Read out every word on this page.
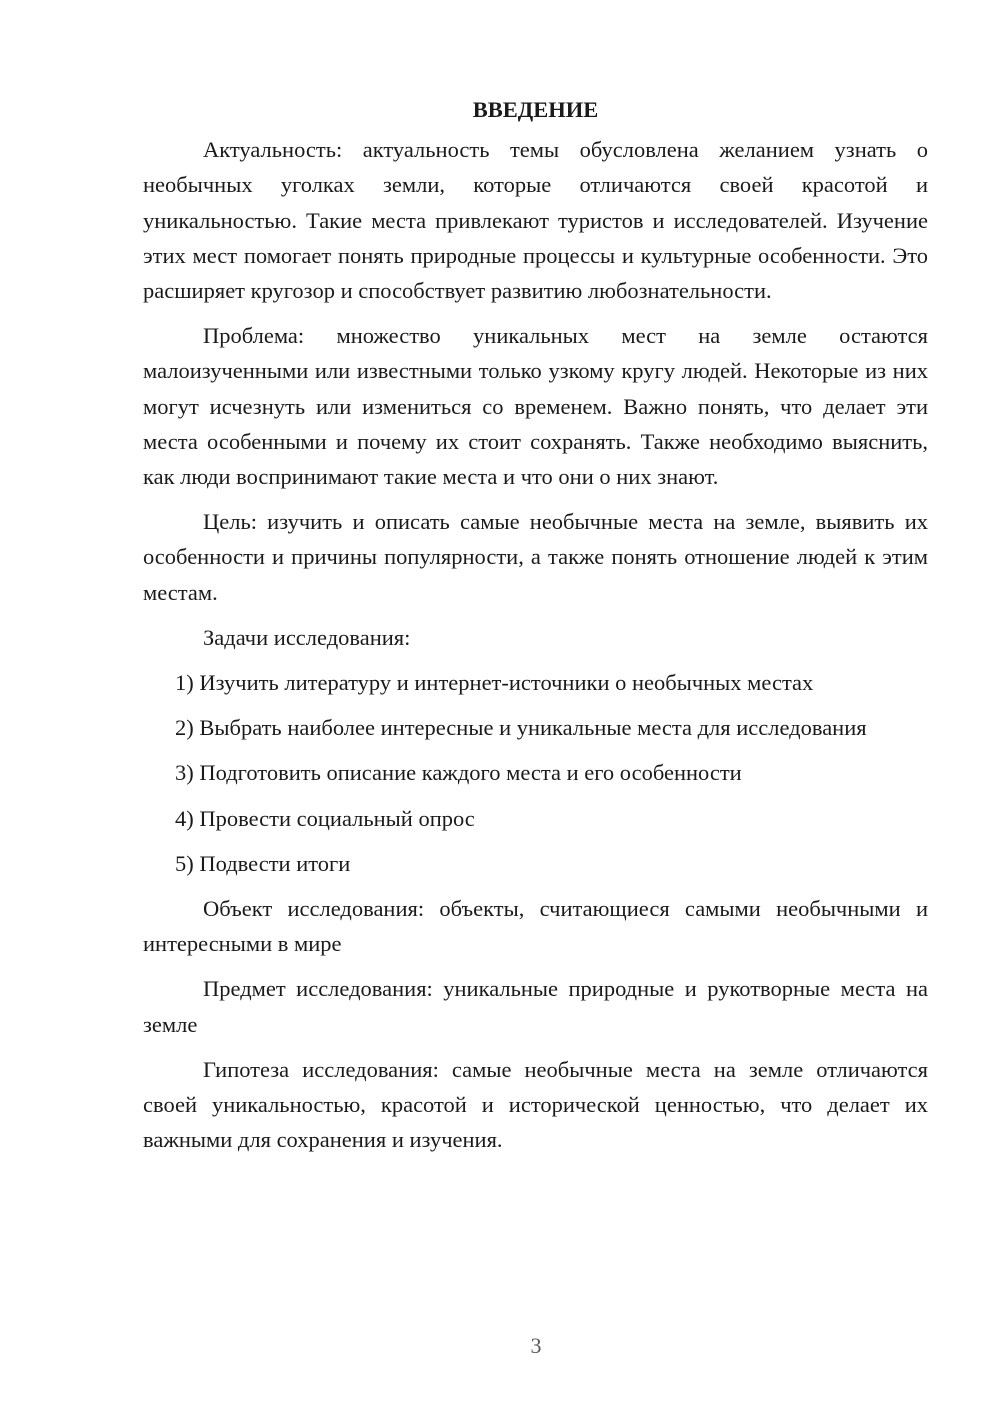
ВВЕДЕНИЕ

Актуальность: актуальность темы обусловлена желанием узнать о необычных уголках земли, которые отличаются своей красотой и уникальностью. Такие места привлекают туристов и исследователей. Изучение этих мест помогает понять природные процессы и культурные особенности. Это расширяет кругозор и способствует развитию любознательности.

Проблема: множество уникальных мест на земле остаются малоизученными или известными только узкому кругу людей. Некоторые из них могут исчезнуть или измениться со временем. Важно понять, что делает эти места особенными и почему их стоит сохранять. Также необходимо выяснить, как люди воспринимают такие места и что они о них знают.

Цель: изучить и описать самые необычные места на земле, выявить их особенности и причины популярности, а также понять отношение людей к этим местам.

Задачи исследования:

1) Изучить литературу и интернет-источники о необычных местах

2) Выбрать наиболее интересные и уникальные места для исследования

3) Подготовить описание каждого места и его особенности

4) Провести социальный опрос

5) Подвести итоги

Объект исследования: объекты, считающиеся самыми необычными и интересными в мире

Предмет исследования: уникальные природные и рукотворные места на земле

Гипотеза исследования: самые необычные места на земле отличаются своей уникальностью, красотой и исторической ценностью, что делает их важными для сохранения и изучения.

3
